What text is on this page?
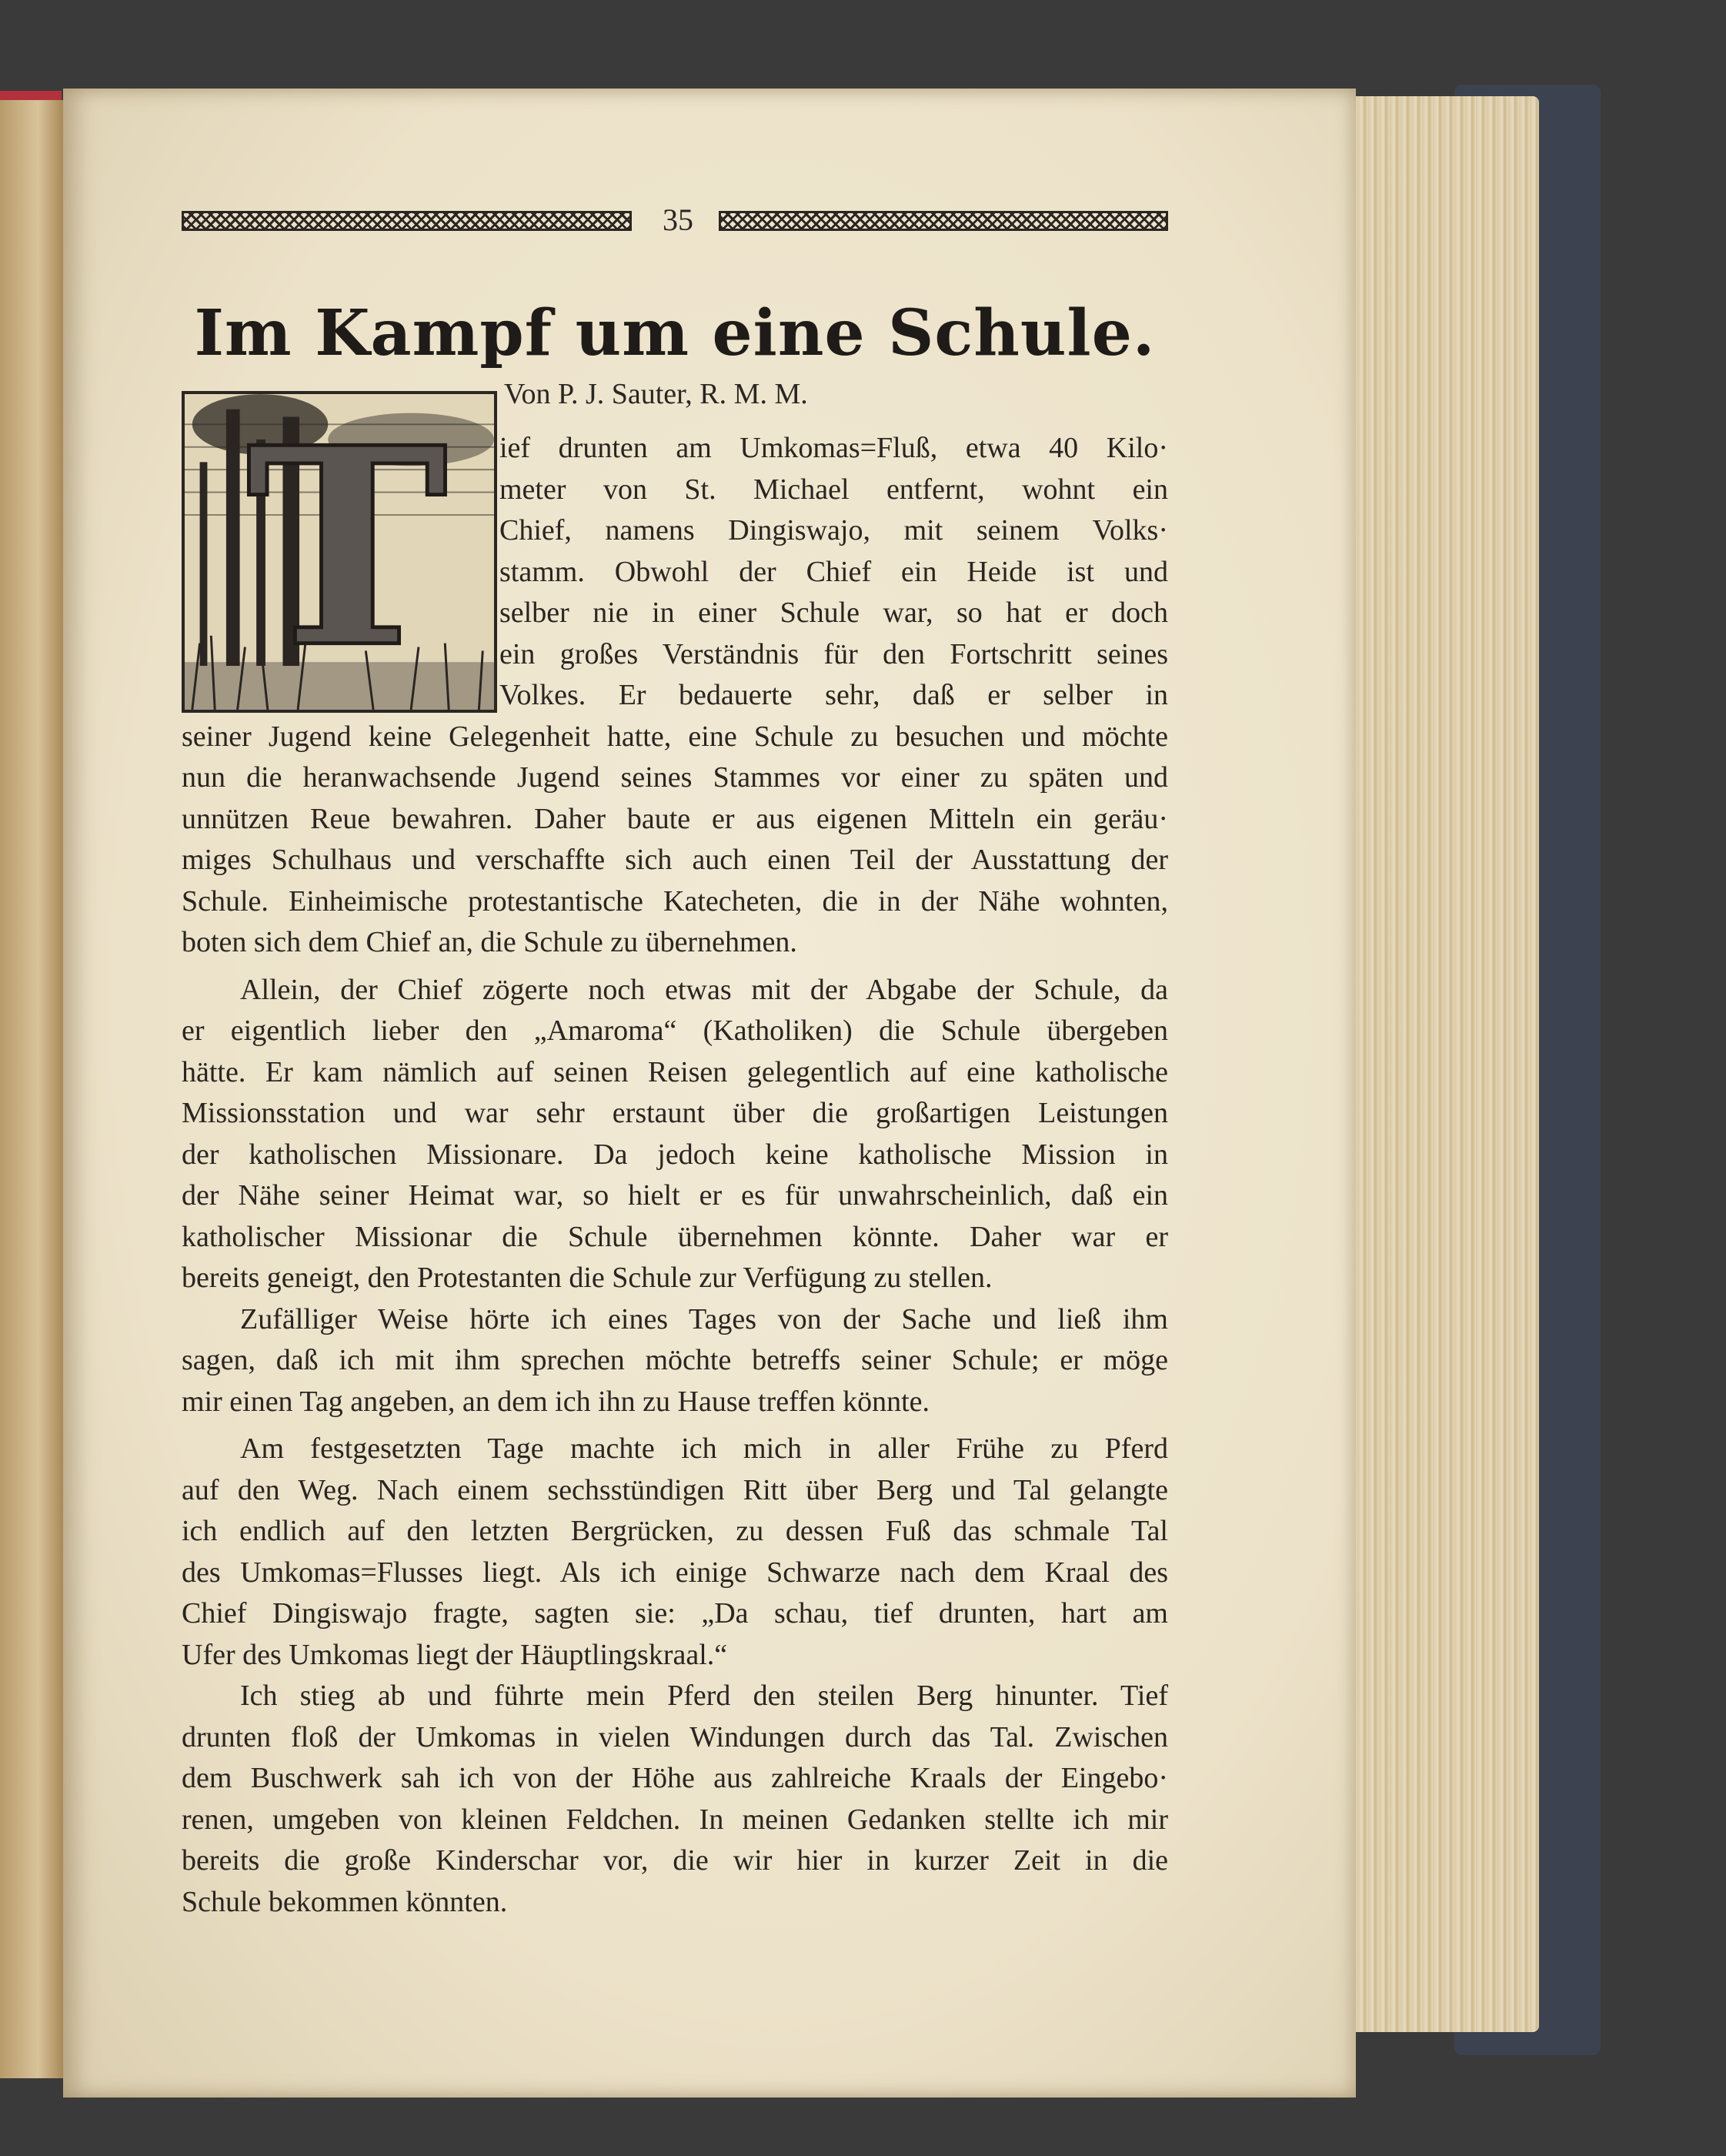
35
Im Kampf um eine Schule.
Von P. J. Sauter, R. M. M.
T ief drunten am Umkomas=Fluß, etwa 40 Kilo·
meter von St. Michael entfernt, wohnt ein
Chief, namens Dingiswajo, mit seinem Volks·
stamm. Obwohl der Chief ein Heide ist und
selber nie in einer Schule war, so hat er doch
ein großes Verständnis für den Fortschritt seines
Volkes. Er bedauerte sehr, daß er selber in
seiner Jugend keine Gelegenheit hatte, eine Schule zu besuchen und möchte
nun die heranwachsende Jugend seines Stammes vor einer zu späten und
unnützen Reue bewahren. Daher baute er aus eigenen Mitteln ein geräu·
miges Schulhaus und verschaffte sich auch einen Teil der Ausstattung der
Schule. Einheimische protestantische Katecheten, die in der Nähe wohnten,
boten sich dem Chief an, die Schule zu übernehmen.
Allein, der Chief zögerte noch etwas mit der Abgabe der Schule, da
er eigentlich lieber den „Amaroma“ (Katholiken) die Schule übergeben
hätte. Er kam nämlich auf seinen Reisen gelegentlich auf eine katholische
Missionsstation und war sehr erstaunt über die großartigen Leistungen
der katholischen Missionare. Da jedoch keine katholische Mission in
der Nähe seiner Heimat war, so hielt er es für unwahrscheinlich, daß ein
katholischer Missionar die Schule übernehmen könnte. Daher war er
bereits geneigt, den Protestanten die Schule zur Verfügung zu stellen.
Zufälliger Weise hörte ich eines Tages von der Sache und ließ ihm
sagen, daß ich mit ihm sprechen möchte betreffs seiner Schule; er möge
mir einen Tag angeben, an dem ich ihn zu Hause treffen könnte.
Am festgesetzten Tage machte ich mich in aller Frühe zu Pferd
auf den Weg. Nach einem sechsstündigen Ritt über Berg und Tal gelangte
ich endlich auf den letzten Bergrücken, zu dessen Fuß das schmale Tal
des Umkomas=Flusses liegt. Als ich einige Schwarze nach dem Kraal des
Chief Dingiswajo fragte, sagten sie: „Da schau, tief drunten, hart am
Ufer des Umkomas liegt der Häuptlingskraal.“
Ich stieg ab und führte mein Pferd den steilen Berg hinunter. Tief
drunten floß der Umkomas in vielen Windungen durch das Tal. Zwischen
dem Buschwerk sah ich von der Höhe aus zahlreiche Kraals der Eingebo·
renen, umgeben von kleinen Feldchen. In meinen Gedanken stellte ich mir
bereits die große Kinderschar vor, die wir hier in kurzer Zeit in die
Schule bekommen könnten.
